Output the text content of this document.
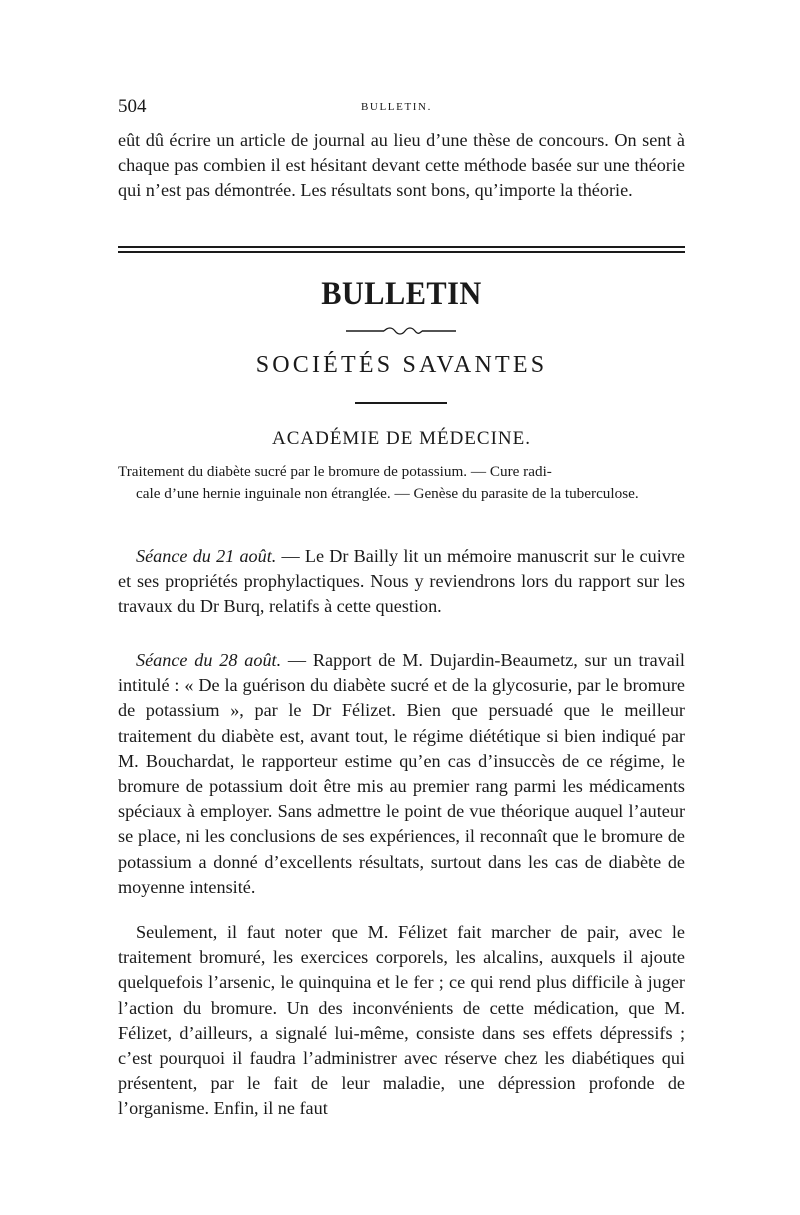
504	BULLETIN.

eût dû écrire un article de journal au lieu d’une thèse de concours. On sent à chaque pas combien il est hésitant devant cette méthode basée sur une théorie qui n’est pas démontrée. Les résultats sont bons, qu’importe la théorie.

BULLETIN
SOCIÉTÉS SAVANTES
ACADÉMIE DE MÉDECINE.

Traitement du diabète sucré par le bromure de potassium. — Cure radi-
cale d’une hernie inguinale non étranglée. — Genèse du parasite de la tuberculose.

Séance du 21 août. — Le Dr Bailly lit un mémoire manuscrit sur le cuivre et ses propriétés prophylactiques. Nous y reviendrons lors du rapport sur les travaux du Dr Burq, relatifs à cette question.

Séance du 28 août. — Rapport de M. Dujardin-Beaumetz, sur un travail intitulé : « De la guérison du diabète sucré et de la glycosurie, par le bromure de potassium », par le Dr Félizet. Bien que persuadé que le meilleur traitement du diabète est, avant tout, le régime diététique si bien indiqué par M. Bouchardat, le rapporteur estime qu’en cas d’insuccès de ce régime, le bromure de potassium doit être mis au premier rang parmi les médicaments spéciaux à employer. Sans admettre le point de vue théorique auquel l’auteur se place, ni les conclusions de ses expériences, il reconnaît que le bromure de potassium a donné d’excellents résultats, surtout dans les cas de diabète de moyenne intensité.

Seulement, il faut noter que M. Félizet fait marcher de pair, avec le traitement bromuré, les exercices corporels, les alcalins, auxquels il ajoute quelquefois l’arsenic, le quinquina et le fer ; ce qui rend plus difficile à juger l’action du bromure. Un des inconvénients de cette médication, que M. Félizet, d’ailleurs, a signalé lui-même, consiste dans ses effets dépressifs ; c’est pourquoi il faudra l’administrer avec réserve chez les diabétiques qui présentent, par le fait de leur maladie, une dépression profonde de l’organisme. Enfin, il ne faut
